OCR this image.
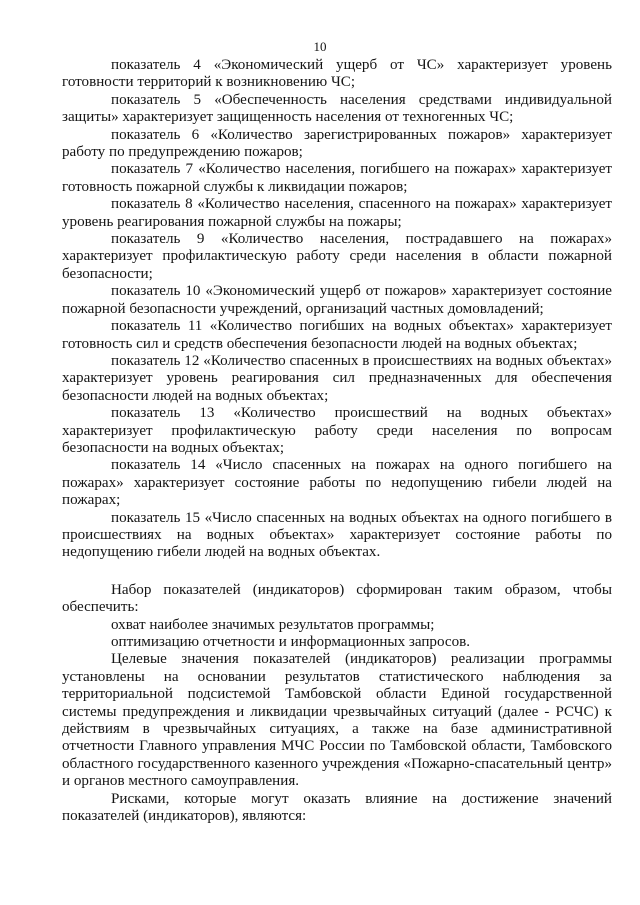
10

показатель 4 «Экономический ущерб от ЧС» характеризует уровень готовности территорий к возникновению ЧС;

показатель 5 «Обеспеченность населения средствами индивидуальной защиты» характеризует защищенность населения от техногенных ЧС;

показатель 6 «Количество зарегистрированных пожаров» характеризует работу по предупреждению пожаров;

показатель 7 «Количество населения, погибшего на пожарах» характеризует готовность пожарной службы к ликвидации пожаров;

показатель 8 «Количество населения, спасенного на пожарах» характеризует уровень реагирования пожарной службы на пожары;

показатель 9 «Количество населения, пострадавшего на пожарах» характеризует профилактическую работу среди населения в области пожарной безопасности;

показатель 10 «Экономический ущерб от пожаров» характеризует состояние пожарной безопасности учреждений, организаций частных домовладений;

показатель 11 «Количество погибших на водных объектах» характеризует готовность сил и средств обеспечения безопасности людей на водных объектах;

показатель 12 «Количество спасенных в происшествиях на водных объектах» характеризует уровень реагирования сил предназначенных для обеспечения безопасности людей на водных объектах;

показатель 13 «Количество происшествий на водных объектах» характеризует профилактическую работу среди населения по вопросам безопасности на водных объектах;

показатель 14 «Число спасенных на пожарах на одного погибшего на пожарах» характеризует состояние работы по недопущению гибели людей на пожарах;

показатель 15 «Число спасенных на водных объектах на одного погибшего в происшествиях на водных объектах» характеризует состояние работы по недопущению гибели людей на водных объектах.

Набор показателей (индикаторов) сформирован таким образом, чтобы обеспечить:

охват наиболее значимых результатов программы;

оптимизацию отчетности и информационных запросов.

Целевые значения показателей (индикаторов) реализации программы установлены на основании результатов статистического наблюдения за территориальной подсистемой Тамбовской области Единой государственной системы предупреждения и ликвидации чрезвычайных ситуаций (далее - РСЧС) к действиям в чрезвычайных ситуациях, а также на базе административной отчетности Главного управления МЧС России по Тамбовской области, Тамбовского областного государственного казенного учреждения «Пожарно-спасательный центр» и органов местного самоуправления.

Рисками, которые могут оказать влияние на достижение значений показателей (индикаторов), являются:
